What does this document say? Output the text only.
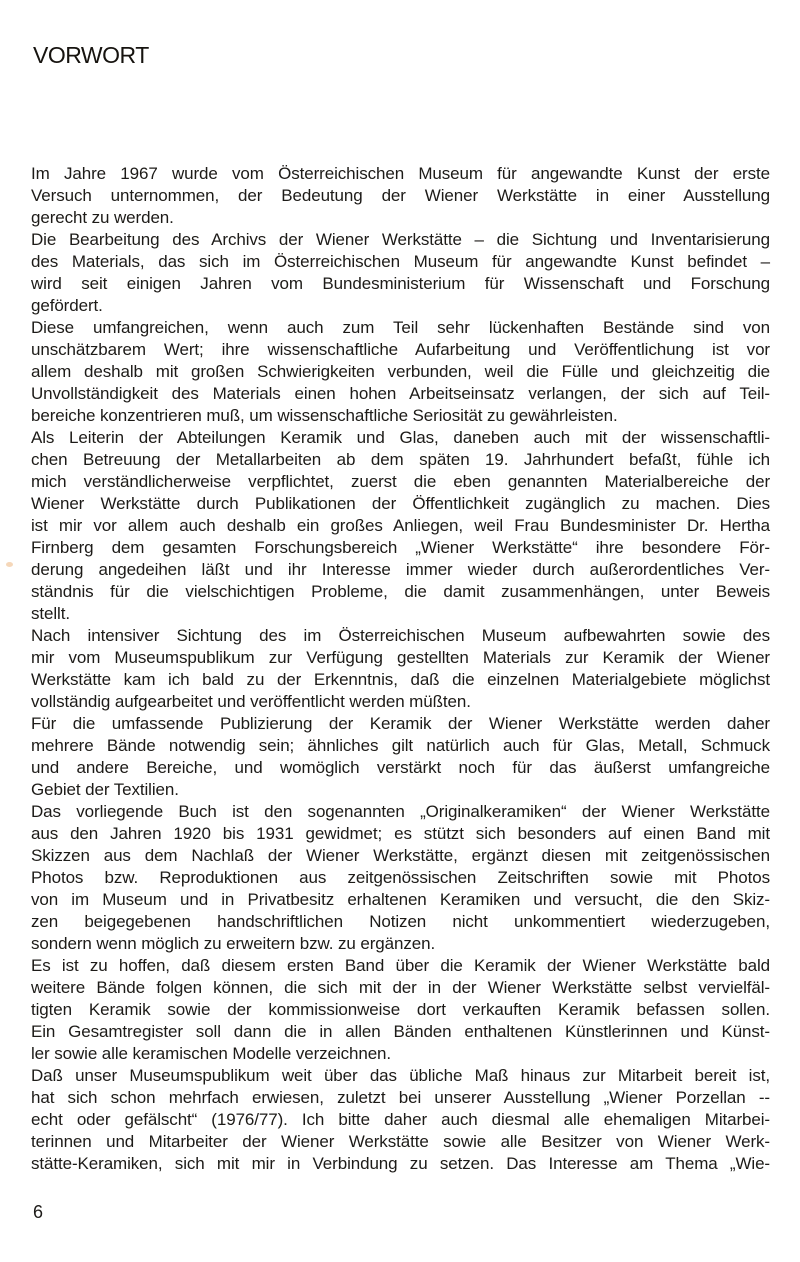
VORWORT

Im Jahre 1967 wurde vom Österreichischen Museum für angewandte Kunst der erste
Versuch unternommen, der Bedeutung der Wiener Werkstätte in einer Ausstellung
gerecht zu werden.

Die Bearbeitung des Archivs der Wiener Werkstätte – die Sichtung und Inventarisierung
des Materials, das sich im Österreichischen Museum für angewandte Kunst befindet –
wird seit einigen Jahren vom Bundesministerium für Wissenschaft und Forschung
gefördert.

Diese umfangreichen, wenn auch zum Teil sehr lückenhaften Bestände sind von
unschätzbarem Wert; ihre wissenschaftliche Aufarbeitung und Veröffentlichung ist vor
allem deshalb mit großen Schwierigkeiten verbunden, weil die Fülle und gleichzeitig die
Unvollständigkeit des Materials einen hohen Arbeitseinsatz verlangen, der sich auf Teil-
bereiche konzentrieren muß, um wissenschaftliche Seriosität zu gewährleisten.

Als Leiterin der Abteilungen Keramik und Glas, daneben auch mit der wissenschaftli-
chen Betreuung der Metallarbeiten ab dem späten 19. Jahrhundert befaßt, fühle ich
mich verständlicherweise verpflichtet, zuerst die eben genannten Materialbereiche der
Wiener Werkstätte durch Publikationen der Öffentlichkeit zugänglich zu machen. Dies
ist mir vor allem auch deshalb ein großes Anliegen, weil Frau Bundesminister Dr. Hertha
Firnberg dem gesamten Forschungsbereich „Wiener Werkstätte“ ihre besondere För-
derung angedeihen läßt und ihr Interesse immer wieder durch außerordentliches Ver-
ständnis für die vielschichtigen Probleme, die damit zusammenhängen, unter Beweis
stellt.

Nach intensiver Sichtung des im Österreichischen Museum aufbewahrten sowie des
mir vom Museumspublikum zur Verfügung gestellten Materials zur Keramik der Wiener
Werkstätte kam ich bald zu der Erkenntnis, daß die einzelnen Materialgebiete möglichst
vollständig aufgearbeitet und veröffentlicht werden müßten.

Für die umfassende Publizierung der Keramik der Wiener Werkstätte werden daher
mehrere Bände notwendig sein; ähnliches gilt natürlich auch für Glas, Metall, Schmuck
und andere Bereiche, und womöglich verstärkt noch für das äußerst umfangreiche
Gebiet der Textilien.

Das vorliegende Buch ist den sogenannten „Originalkeramiken“ der Wiener Werkstätte
aus den Jahren 1920 bis 1931 gewidmet; es stützt sich besonders auf einen Band mit
Skizzen aus dem Nachlaß der Wiener Werkstätte, ergänzt diesen mit zeitgenössischen
Photos bzw. Reproduktionen aus zeitgenössischen Zeitschriften sowie mit Photos
von im Museum und in Privatbesitz erhaltenen Keramiken und versucht, die den Skiz-
zen beigegebenen handschriftlichen Notizen nicht unkommentiert wiederzugeben,
sondern wenn möglich zu erweitern bzw. zu ergänzen.

Es ist zu hoffen, daß diesem ersten Band über die Keramik der Wiener Werkstätte bald
weitere Bände folgen können, die sich mit der in der Wiener Werkstätte selbst vervielfäl-
tigten Keramik sowie der kommissionweise dort verkauften Keramik befassen sollen.
Ein Gesamtregister soll dann die in allen Bänden enthaltenen Künstlerinnen und Künst-
ler sowie alle keramischen Modelle verzeichnen.

Daß unser Museumspublikum weit über das übliche Maß hinaus zur Mitarbeit bereit ist,
hat sich schon mehrfach erwiesen, zuletzt bei unserer Ausstellung „Wiener Porzellan --
echt oder gefälscht“ (1976/77). Ich bitte daher auch diesmal alle ehemaligen Mitarbei-
terinnen und Mitarbeiter der Wiener Werkstätte sowie alle Besitzer von Wiener Werk-
stätte-Keramiken, sich mit mir in Verbindung zu setzen. Das Interesse am Thema „Wie-

6
